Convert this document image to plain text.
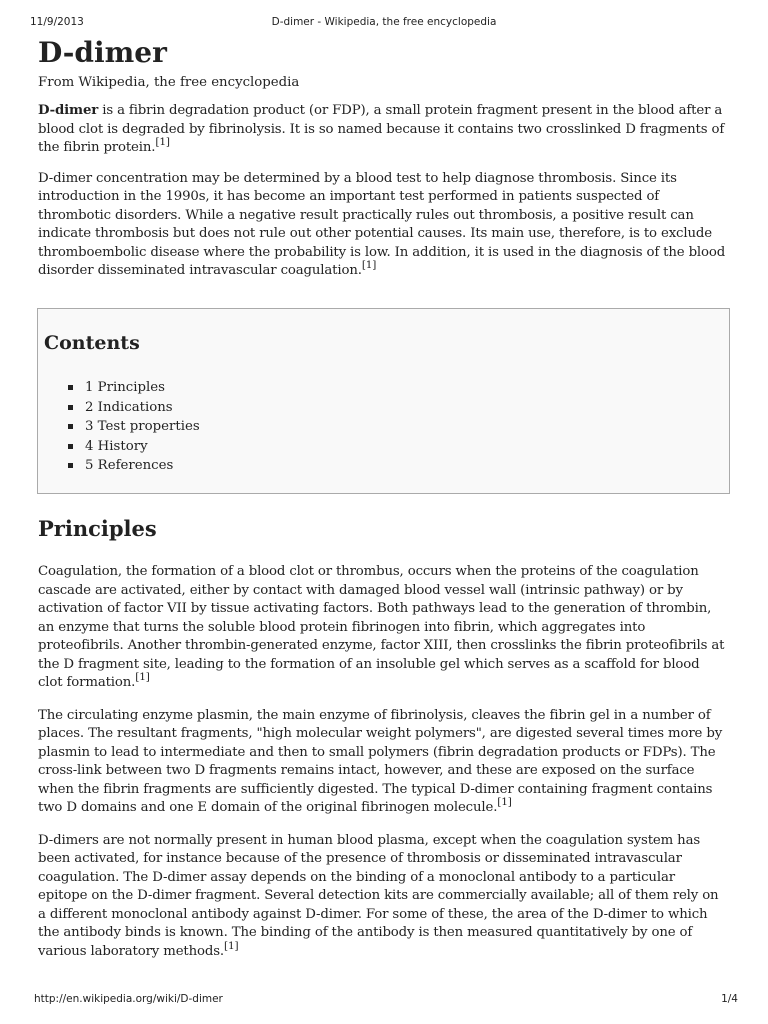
11/9/2013	D-dimer - Wikipedia, the free encyclopedia
D-dimer
From Wikipedia, the free encyclopedia

D-dimer is a fibrin degradation product (or FDP), a small protein fragment present in the blood after a blood clot is degraded by fibrinolysis. It is so named because it contains two crosslinked D fragments of the fibrin protein.[1]

D-dimer concentration may be determined by a blood test to help diagnose thrombosis. Since its introduction in the 1990s, it has become an important test performed in patients suspected of thrombotic disorders. While a negative result practically rules out thrombosis, a positive result can indicate thrombosis but does not rule out other potential causes. Its main use, therefore, is to exclude thromboembolic disease where the probability is low. In addition, it is used in the diagnosis of the blood disorder disseminated intravascular coagulation.[1]

Contents
1 Principles
2 Indications
3 Test properties
4 History
5 References
Principles

Coagulation, the formation of a blood clot or thrombus, occurs when the proteins of the coagulation cascade are activated, either by contact with damaged blood vessel wall (intrinsic pathway) or by activation of factor VII by tissue activating factors. Both pathways lead to the generation of thrombin, an enzyme that turns the soluble blood protein fibrinogen into fibrin, which aggregates into proteofibrils. Another thrombin-generated enzyme, factor XIII, then crosslinks the fibrin proteofibrils at the D fragment site, leading to the formation of an insoluble gel which serves as a scaffold for blood clot formation.[1]

The circulating enzyme plasmin, the main enzyme of fibrinolysis, cleaves the fibrin gel in a number of places. The resultant fragments, "high molecular weight polymers", are digested several times more by plasmin to lead to intermediate and then to small polymers (fibrin degradation products or FDPs). The cross-link between two D fragments remains intact, however, and these are exposed on the surface when the fibrin fragments are sufficiently digested. The typical D-dimer containing fragment contains two D domains and one E domain of the original fibrinogen molecule.[1]

D-dimers are not normally present in human blood plasma, except when the coagulation system has been activated, for instance because of the presence of thrombosis or disseminated intravascular coagulation. The D-dimer assay depends on the binding of a monoclonal antibody to a particular epitope on the D-dimer fragment. Several detection kits are commercially available; all of them rely on a different monoclonal antibody against D-dimer. For some of these, the area of the D-dimer to which the antibody binds is known. The binding of the antibody is then measured quantitatively by one of various laboratory methods.[1]

http://en.wikipedia.org/wiki/D-dimer	1/4
